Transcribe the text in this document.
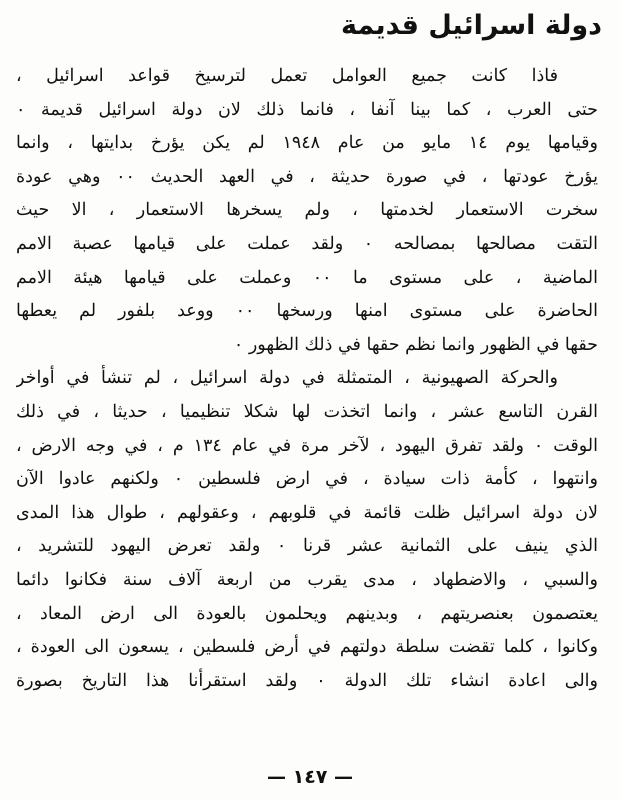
دولة اسرائيل قديمة
فاذا كانت جميع العوامل تعمل لترسيخ قواعد اسرائيل ،
حتى العرب ، كما بينا آنفا ، فانما ذلك لان دولة اسرائيل قديمة ٠
وقيامها يوم ١٤ مايو من عام ١٩٤٨ لم يكن يؤرخ بدايتها ، وانما
يؤرخ عودتها ، في صورة حديثة ، في العهد الحديث ٠٠ وهي عودة
سخرت الاستعمار لخدمتها ، ولم يسخرها الاستعمار ، الا حيث
التقت مصالحها بمصالحه ٠ ولقد عملت على قيامها عصبة الامم
الماضية ، على مستوى ما ٠٠ وعملت على قيامها هيئة الامم
الحاضرة على مستوى امنها ورسخها ٠٠ ووعد بلفور لم يعطها
حقها في الظهور وانما نظم حقها في ذلك الظهور ٠
والحركة الصهيونية ، المتمثلة في دولة اسرائيل ، لم تنشأ في أواخر
القرن التاسع عشر ، وانما اتخذت لها شكلا تنظيميا ، حديثا ، في ذلك
الوقت ٠ ولقد تفرق اليهود ، لآخر مرة في عام ١٣٤ م ، في وجه الارض ،
وانتهوا ، كأمة ذات سيادة ، في ارض فلسطين ٠ ولكنهم عادوا الآن
لان دولة اسرائيل ظلت قائمة في قلوبهم ، وعقولهم ، طوال هذا المدى
الذي ينيف على الثمانية عشر قرنا ٠ ولقد تعرض اليهود للتشريد ،
والسبي ، والاضطهاد ، مدى يقرب من اربعة آلاف سنة فكانوا دائما
يعتصمون بعنصريتهم ، وبدينهم ويحلمون بالعودة الى ارض المعاد ،
وكانوا ، كلما تقضت سلطة دولتهم في أرض فلسطين ، يسعون الى العودة ،
والى اعادة انشاء تلك الدولة ٠ ولقد استقرأنا هذا التاريخ بصورة
— ١٤٧ —
